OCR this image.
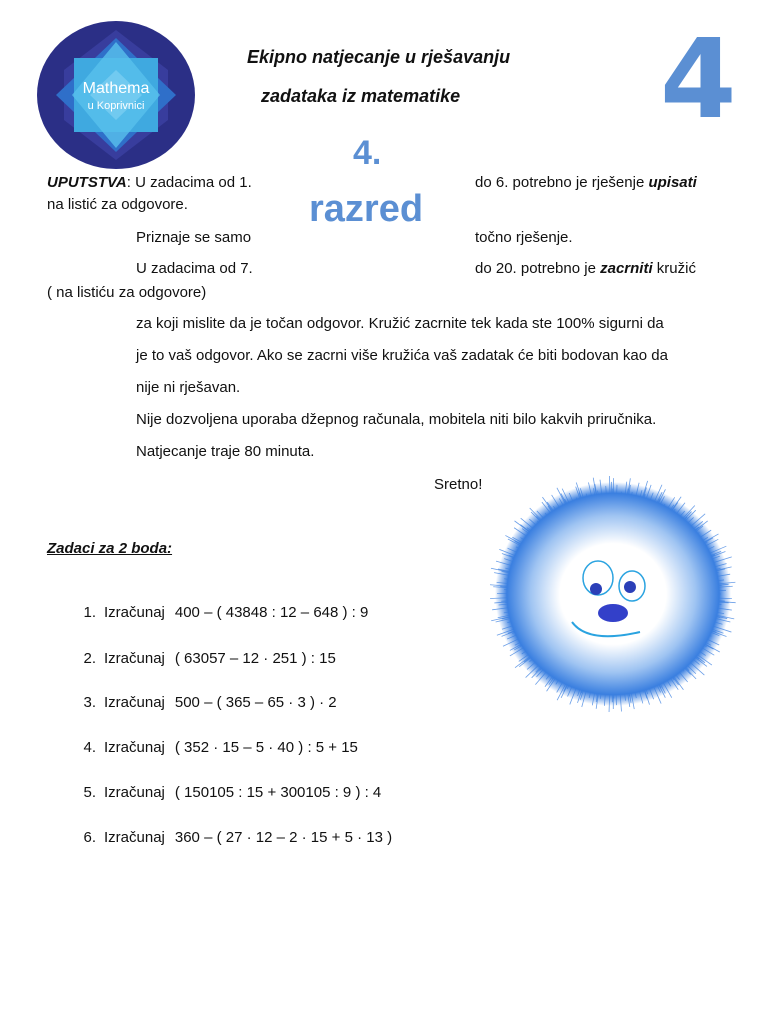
Mathema
u Koprivnici
Ekipno natjecanje u rješavanju
zadataka iz matematike 4
4.
razred
UPUTSTVA: U zadacima od 1.	do 6. potrebno je rješenje upisati
na listić za odgovore.
Priznaje se samo	točno rješenje.
U zadacima od 7.	do 20. potrebno je zacrniti kružić
( na listiću za odgovore)
za koji mislite da je točan odgovor. Kružić zacrnite tek kada ste 100% sigurni da
je to vaš odgovor. Ako se zacrni više kružića vaš zadatak će biti bodovan kao da
nije ni rješavan.
Nije dozvoljena uporaba džepnog računala, mobitela niti bilo kakvih priručnika.
Natjecanje traje 80 minuta.
Sretno!
Zadaci za 2 boda:
1. Izračunaj 400 – ( 43848 : 12 – 648 ) : 9
2. Izračunaj ( 63057 – 12 · 251 ) : 15
3. Izračunaj 500 – ( 365 – 65 · 3 ) · 2
4. Izračunaj ( 352 · 15 – 5 · 40 ) : 5 + 15
5. Izračunaj ( 150105 : 15 + 300105 : 9 ) : 4
6. Izračunaj 360 – ( 27 · 12 – 2 · 15 + 5 · 13 )
